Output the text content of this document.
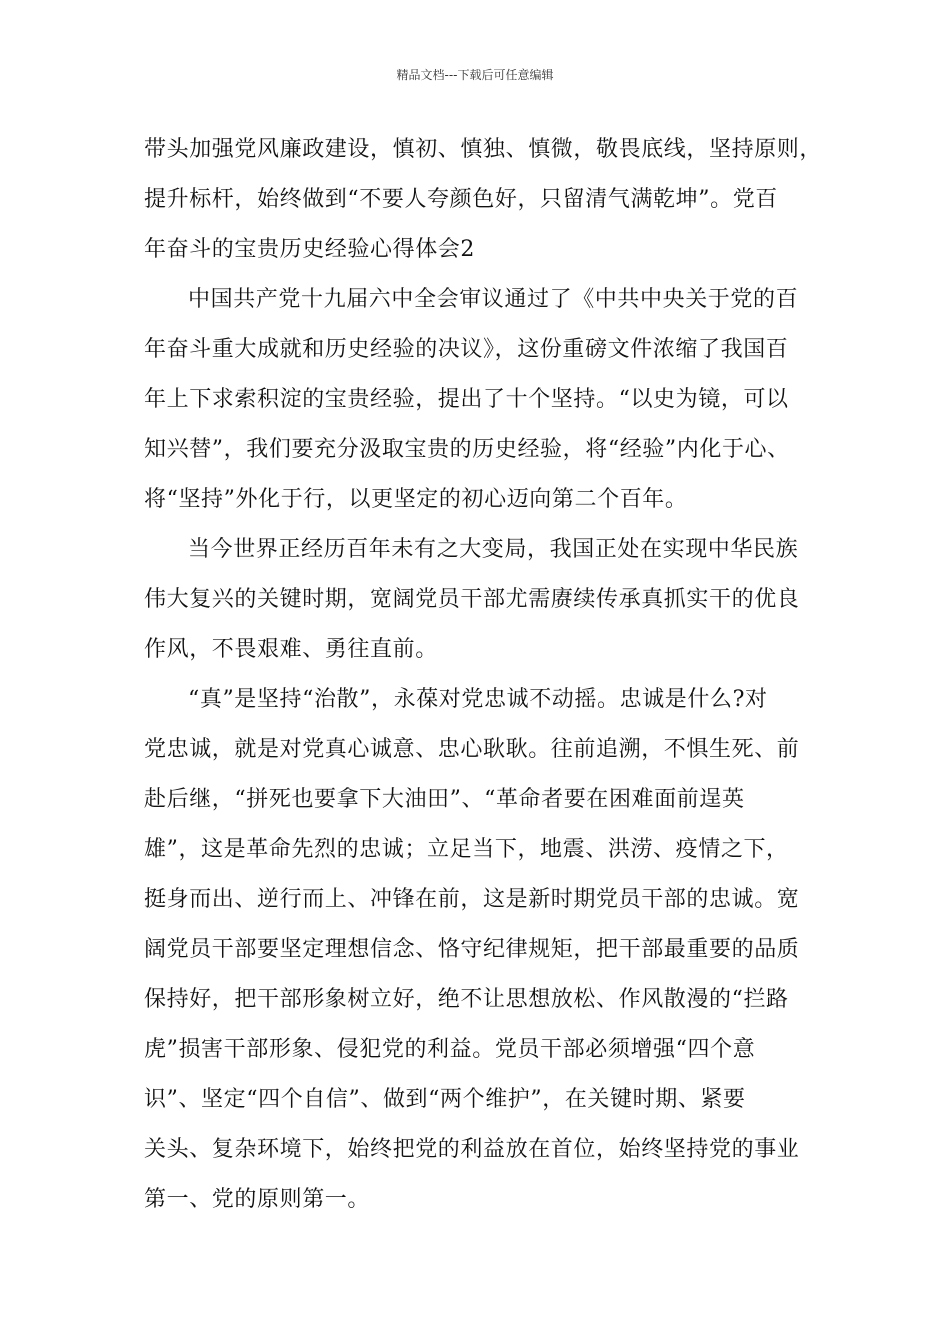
精品文档---下载后可任意编辑
带头加强党风廉政建设，慎初、慎独、慎微，敬畏底线，坚持原则，
提升标杆，始终做到“不要人夸颜色好，只留清气满乾坤”。党百
年奋斗的宝贵历史经验心得体会2
中国共产党十九届六中全会审议通过了《中共中央关于党的百
年奋斗重大成就和历史经验的决议》，这份重磅文件浓缩了我国百
年上下求索积淀的宝贵经验，提出了十个坚持。“以史为镜，可以
知兴替”，我们要充分汲取宝贵的历史经验，将“经验”内化于心、
将“坚持”外化于行，以更坚定的初心迈向第二个百年。
当今世界正经历百年未有之大变局，我国正处在实现中华民族
伟大复兴的关键时期，宽阔党员干部尤需赓续传承真抓实干的优良
作风，不畏艰难、勇往直前。
“真”是坚持“治散”，永葆对党忠诚不动摇。忠诚是什么?对
党忠诚，就是对党真心诚意、忠心耿耿。往前追溯，不惧生死、前
赴后继，“拼死也要拿下大油田”、“革命者要在困难面前逞英
雄”，这是革命先烈的忠诚；立足当下，地震、洪涝、疫情之下，
挺身而出、逆行而上、冲锋在前，这是新时期党员干部的忠诚。宽
阔党员干部要坚定理想信念、恪守纪律规矩，把干部最重要的品质
保持好，把干部形象树立好，绝不让思想放松、作风散漫的“拦路
虎”损害干部形象、侵犯党的利益。党员干部必须增强“四个意
识”、坚定“四个自信”、做到“两个维护”，在关键时期、紧要
关头、复杂环境下，始终把党的利益放在首位，始终坚持党的事业
第一、党的原则第一。
